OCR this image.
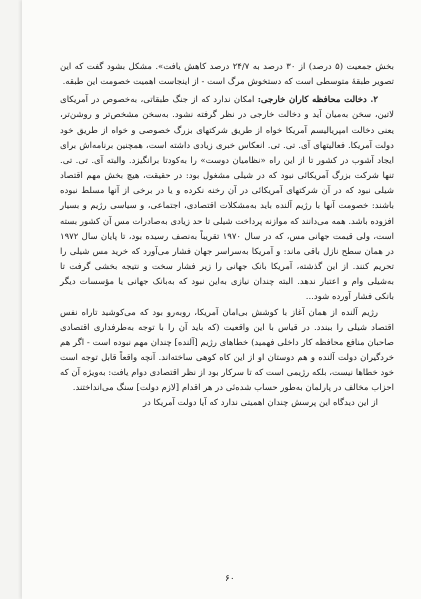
بخش جمعیت (۵ درصد) از ۳۰ درصد به ۲۴/۷ درصد کاهش یافت». مشکل بشود گفت که این تصویر طبقهٔ متوسطی است که دستخوش مرگ است - از اینجاست اهمیت خصومت این طبقه.

۲. دخالت محافظه کاران خارجی: امکان ندارد که از جنگ طبقاتی، به‌خصوص در آمریکای لاتین، سخن به‌میان آید و دخالت خارجی در نظر گرفته نشود. به‌سخن مشخص‌تر و روشن‌تر، یعنی دخالت امپریالیسم آمریکا خواه از طریق شرکتهای بزرگ خصوصی و خواه از طریق خود دولت آمریکا. فعالیتهای آی. تی. تی. انعکاس خبری زیادی داشته است، همچنین برنامه‌اش برای ایجاد آشوب در کشور تا از این راه «نظامیان دوست» را به‌کودتا برانگیزد. والبته آی. تی. تی. تنها شرکت بزرگ آمریکائی نبود که در شیلی مشغول بود: در حقیقت، هیچ بخش مهم اقتصاد شیلی نبود که در آن شرکتهای آمریکائی در آن رخنه نکرده و یا در برخی از آنها مسلط نبوده باشند: خصومت آنها با رژیم آلنده باید به‌مشکلات اقتصادی، اجتماعی، و سیاسی رژیم و بسیار افزوده باشد. همه می‌دانند که موازنه پرداخت شیلی تا حد زیادی به‌صادرات مس آن کشور بسته است، ولی قیمت جهانی مس، که در سال ۱۹۷۰ تقریباً به‌نصف رسیده بود، تا پایان سال ۱۹۷۲ در همان سطح نازل باقی ماند: و آمریکا به‌سراسر جهان فشار می‌آورد که خرید مس شیلی را تحریم کنند. از این گذشته، آمریکا بانک جهانی را زیر فشار سخت و نتیجه بخشی گرفت تا به‌شیلی وام و اعتبار ندهد. البته چندان نیازی به‌این نبود که به‌بانک جهانی یا مؤسسات دیگر بانکی فشار آورده شود...

رژیم آلنده از همان آغاز با کوشش بی‌امان آمریکا، روبه‌رو بود که می‌کوشید تاراه نفس اقتصاد شیلی را ببندد. در قیاس با این واقعیت (که باید آن را با توجه به‌طرفداری اقتصادی صاحبان منافع محافظه کار داخلی فهمید) خطاهای رژیم [آلنده] چندان مهم نبوده است - اگر هم خردگیران دولت آلنده و هم دوستان او از این کاه کوهی ساخته‌اند. آنچه واقعاً قابل توجه است خود خطاها نیست، بلکه رژیمی است که تا سرکار بود از نظر اقتصادی دوام یافت: به‌ویژه آن که احزاب مخالف در پارلمان به‌طور حساب شده‌ئی در هر اقدام [لازم دولت] سنگ می‌انداختند.

از این دیدگاه این پرسش چندان اهمیتی ندارد که آیا دولت آمریکا در

۶۰
